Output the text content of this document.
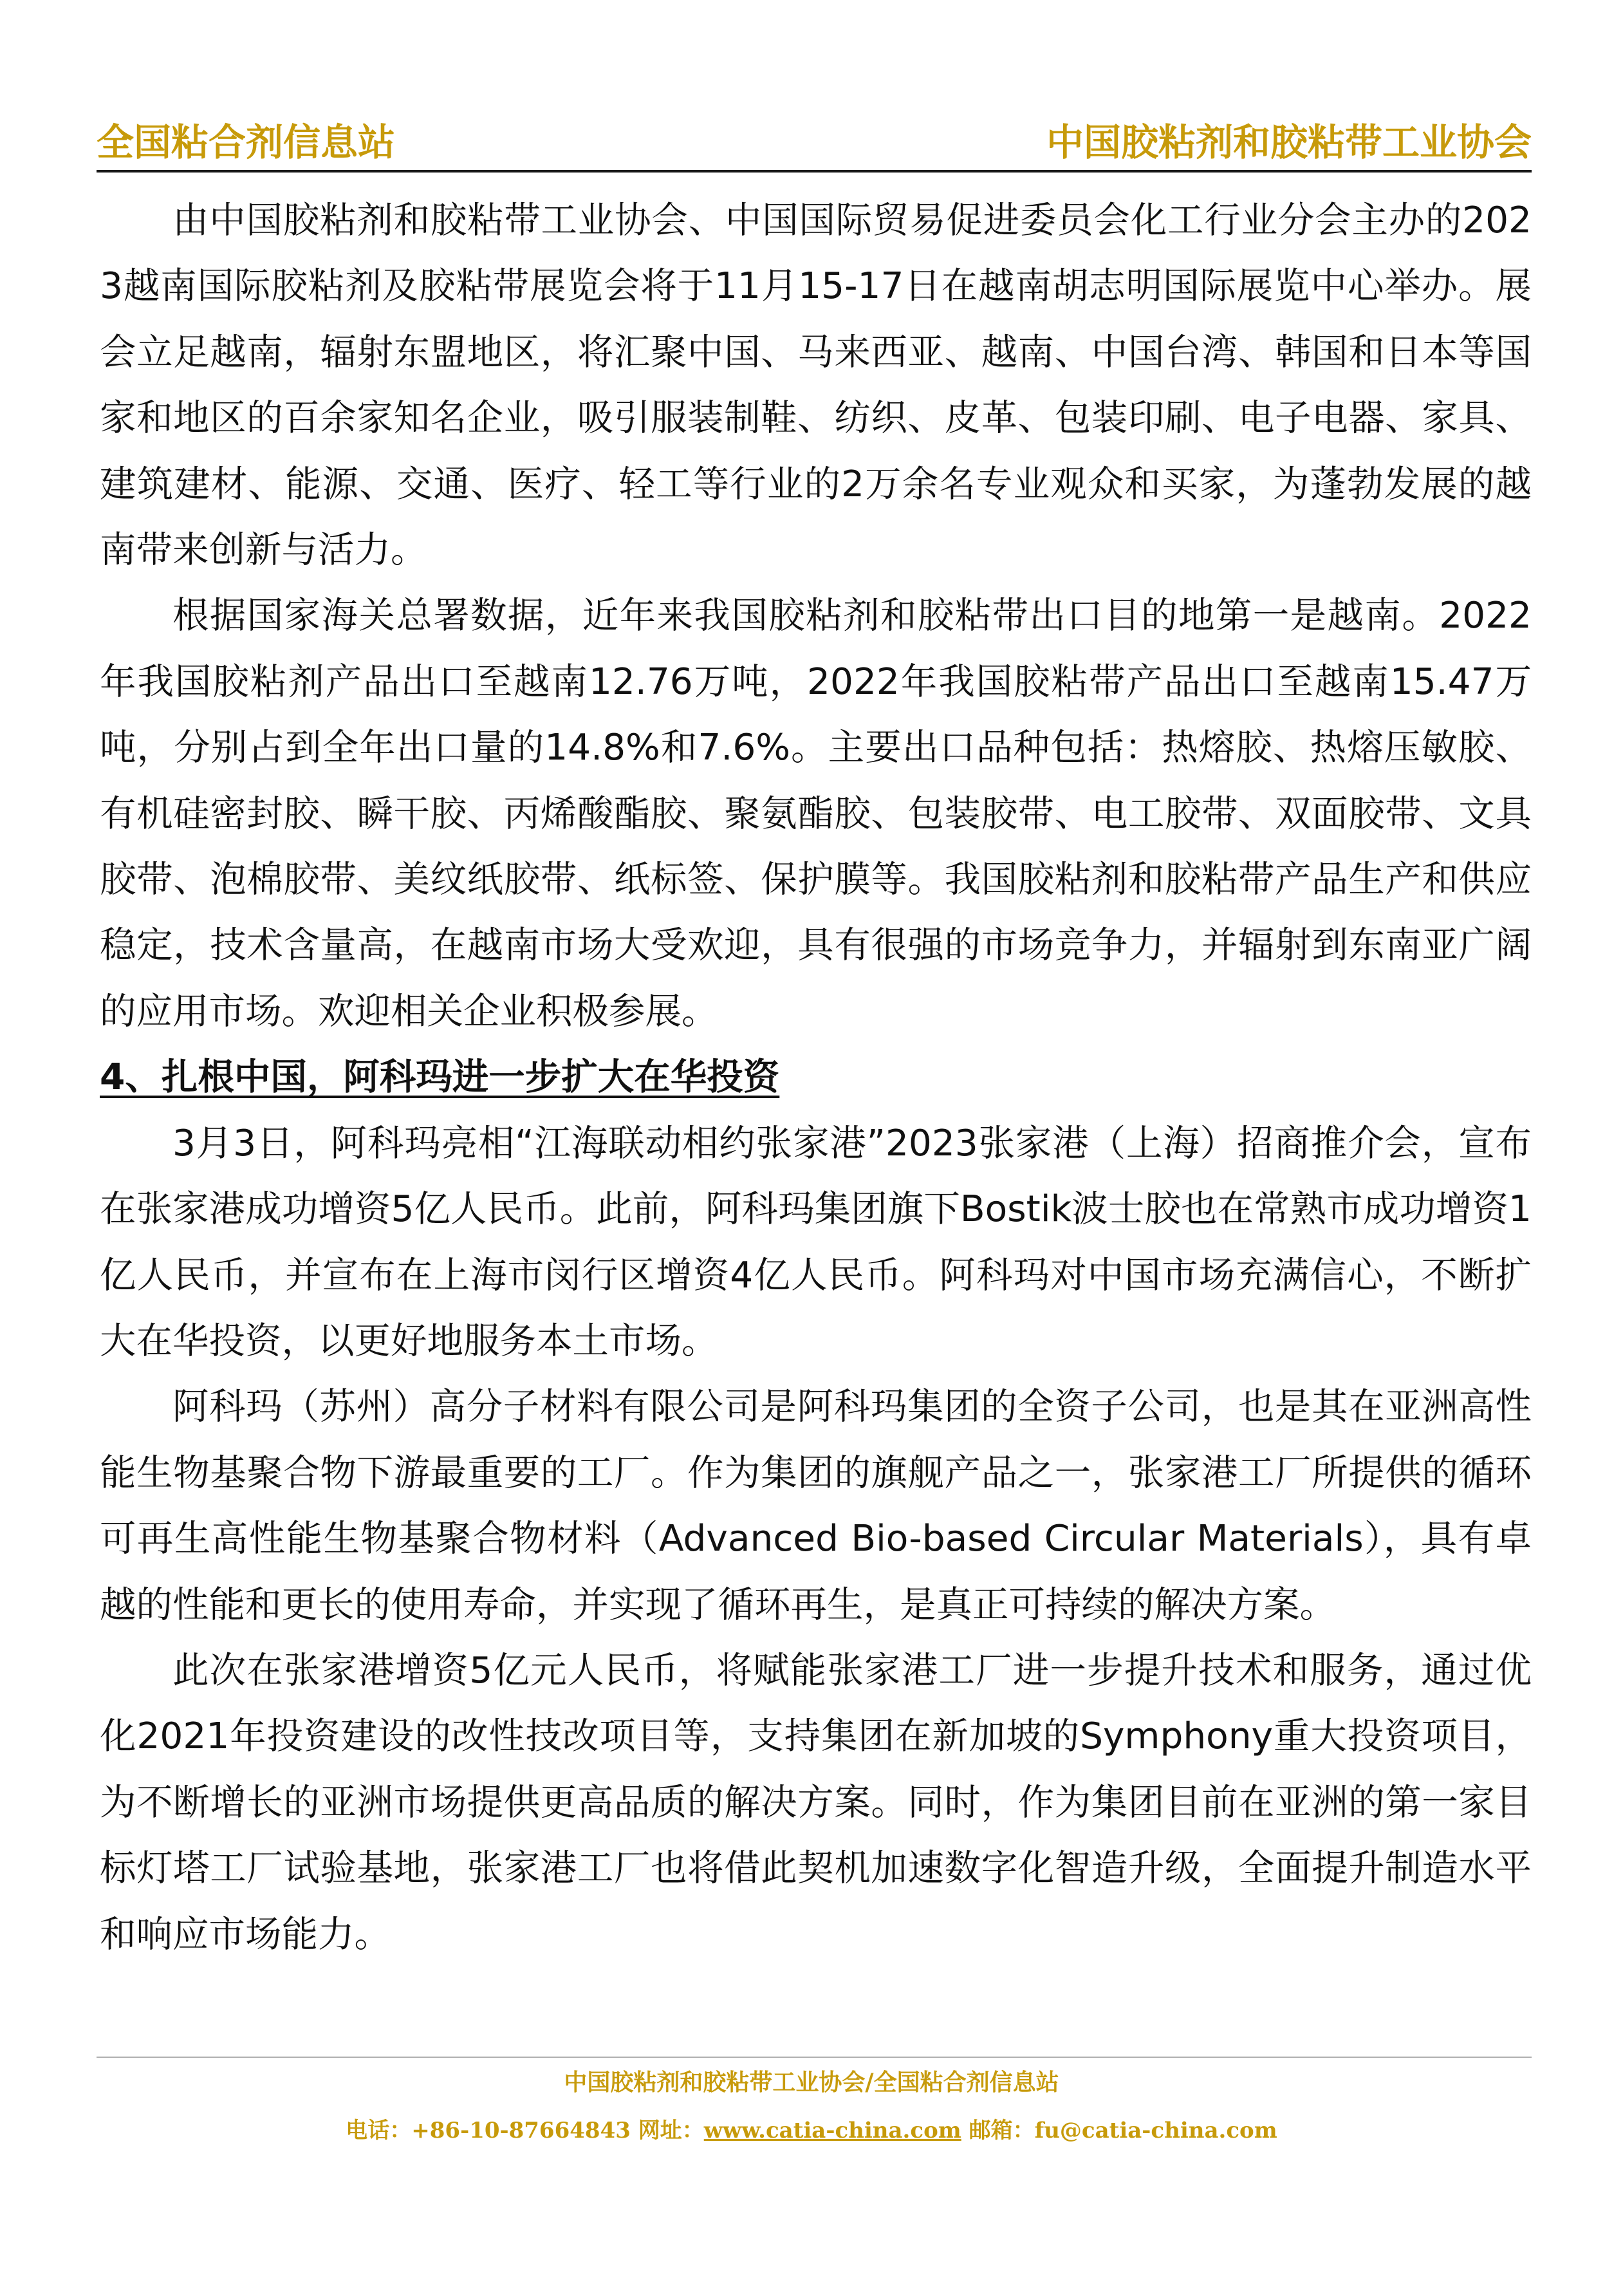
全国粘合剂信息站	中国胶粘剂和胶粘带工业协会

由中国胶粘剂和胶粘带工业协会、中国国际贸易促进委员会化工行业分会主办的2023越南国际胶粘剂及胶粘带展览会将于11月15-17日在越南胡志明国际展览中心举办。展会立足越南，辐射东盟地区，将汇聚中国、马来西亚、越南、中国台湾、韩国和日本等国家和地区的百余家知名企业，吸引服装制鞋、纺织、皮革、包装印刷、电子电器、家具、建筑建材、能源、交通、医疗、轻工等行业的2万余名专业观众和买家，为蓬勃发展的越南带来创新与活力。

根据国家海关总署数据，近年来我国胶粘剂和胶粘带出口目的地第一是越南。2022年我国胶粘剂产品出口至越南12.76万吨，2022年我国胶粘带产品出口至越南15.47万吨，分别占到全年出口量的14.8%和7.6%。主要出口品种包括：热熔胶、热熔压敏胶、有机硅密封胶、瞬干胶、丙烯酸酯胶、聚氨酯胶、包装胶带、电工胶带、双面胶带、文具胶带、泡棉胶带、美纹纸胶带、纸标签、保护膜等。我国胶粘剂和胶粘带产品生产和供应稳定，技术含量高，在越南市场大受欢迎，具有很强的市场竞争力，并辐射到东南亚广阔的应用市场。欢迎相关企业积极参展。

4、扎根中国，阿科玛进一步扩大在华投资

3月3日，阿科玛亮相“江海联动相约张家港”2023张家港（上海）招商推介会，宣布在张家港成功增资5亿人民币。此前，阿科玛集团旗下Bostik波士胶也在常熟市成功增资1亿人民币，并宣布在上海市闵行区增资4亿人民币。阿科玛对中国市场充满信心，不断扩大在华投资，以更好地服务本土市场。

阿科玛（苏州）高分子材料有限公司是阿科玛集团的全资子公司，也是其在亚洲高性能生物基聚合物下游最重要的工厂。作为集团的旗舰产品之一，张家港工厂所提供的循环可再生高性能生物基聚合物材料（Advanced Bio-based Circular Materials），具有卓越的性能和更长的使用寿命，并实现了循环再生，是真正可持续的解决方案。

此次在张家港增资5亿元人民币，将赋能张家港工厂进一步提升技术和服务，通过优化2021年投资建设的改性技改项目等，支持集团在新加坡的Symphony重大投资项目，为不断增长的亚洲市场提供更高品质的解决方案。同时，作为集团目前在亚洲的第一家目标灯塔工厂试验基地，张家港工厂也将借此契机加速数字化智造升级，全面提升制造水平和响应市场能力。

中国胶粘剂和胶粘带工业协会/全国粘合剂信息站
电话：+86-10-87664843 网址：www.catia-china.com 邮箱：fu@catia-china.com
